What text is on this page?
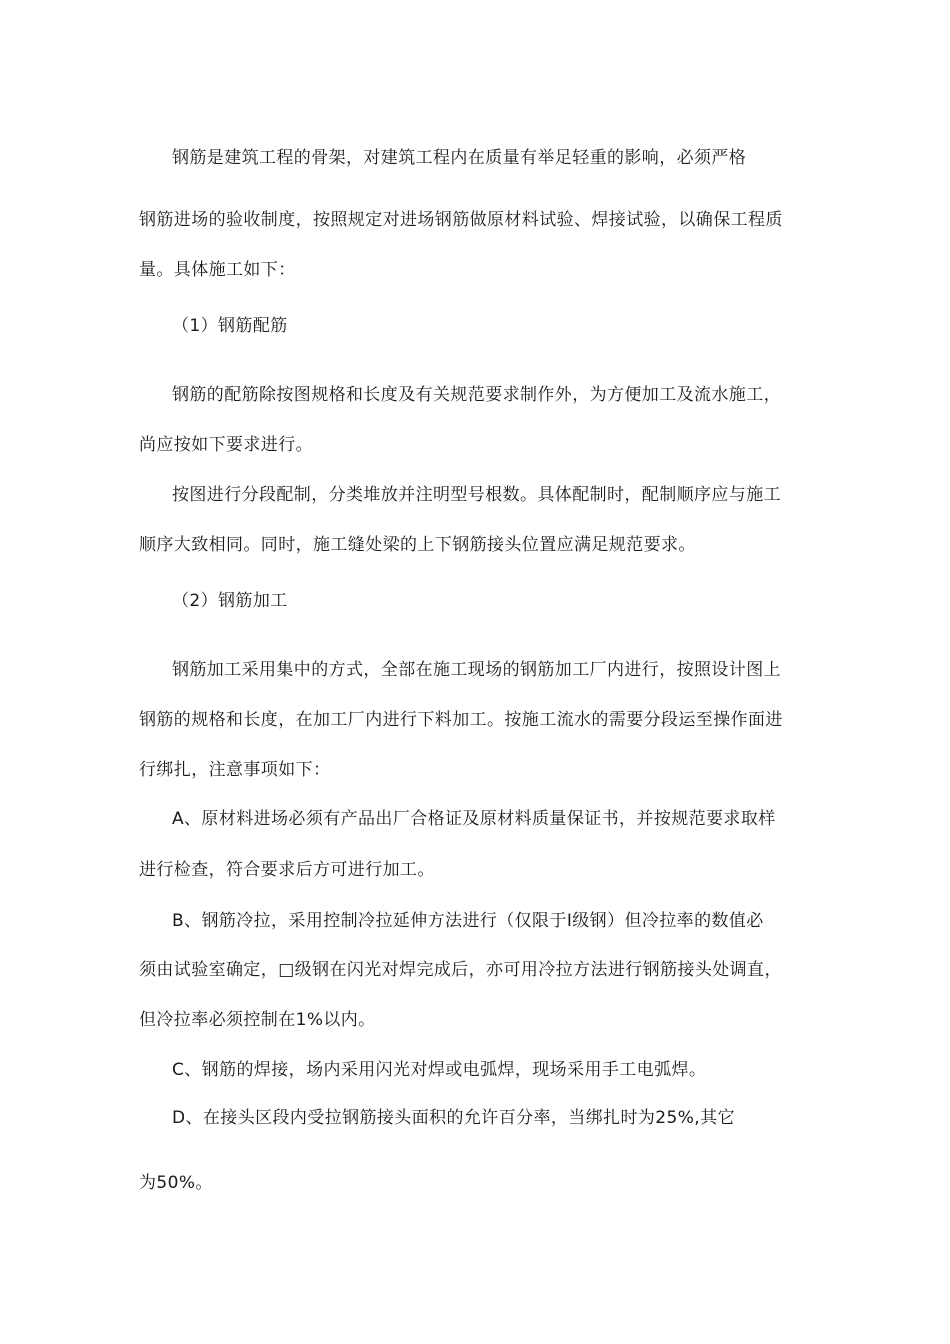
钢筋是建筑工程的骨架，对建筑工程内在质量有举足轻重的影响，必须严格
钢筋进场的验收制度，按照规定对进场钢筋做原材料试验、焊接试验，以确保工程质
量。具体施工如下：
（1）钢筋配筋
钢筋的配筋除按图规格和长度及有关规范要求制作外，为方便加工及流水施工，
尚应按如下要求进行。
按图进行分段配制，分类堆放并注明型号根数。具体配制时，配制顺序应与施工
顺序大致相同。同时，施工缝处梁的上下钢筋接头位置应满足规范要求。
（2）钢筋加工
钢筋加工采用集中的方式，全部在施工现场的钢筋加工厂内进行，按照设计图上
钢筋的规格和长度，在加工厂内进行下料加工。按施工流水的需要分段运至操作面进
行绑扎，注意事项如下：
A、原材料进场必须有产品出厂合格证及原材料质量保证书，并按规范要求取样
进行检查，符合要求后方可进行加工。
B、钢筋冷拉，采用控制冷拉延伸方法进行（仅限于Ⅰ级钢）但冷拉率的数值必
须由试验室确定，□级钢在闪光对焊完成后，亦可用冷拉方法进行钢筋接头处调直，
但冷拉率必须控制在1%以内。
C、钢筋的焊接，场内采用闪光对焊或电弧焊，现场采用手工电弧焊。
D、在接头区段内受拉钢筋接头面积的允许百分率，当绑扎时为25%,其它
为50%。
